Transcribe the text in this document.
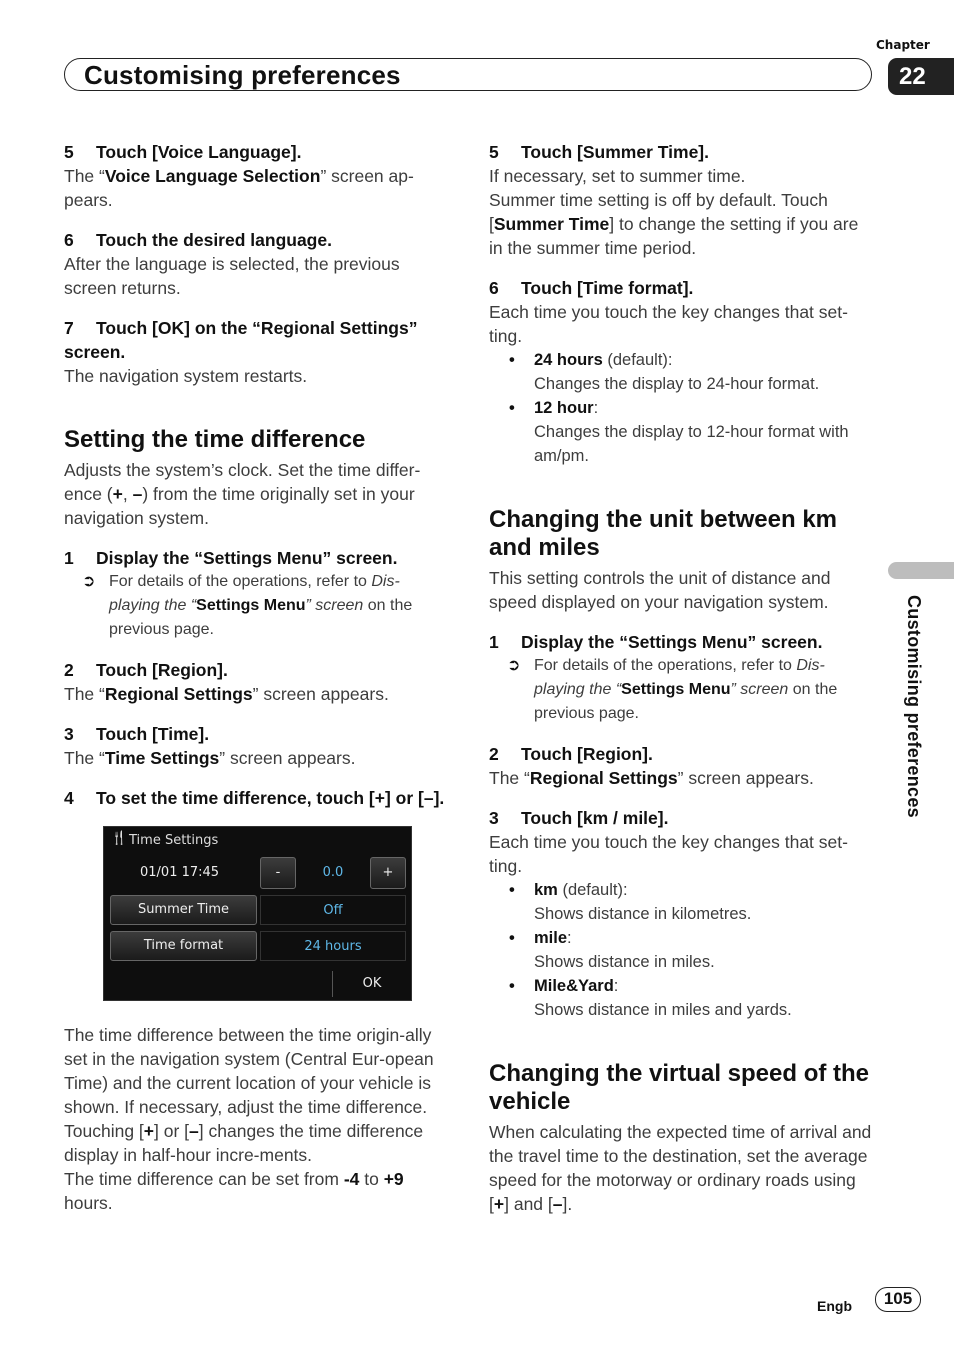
Chapter
Customising preferences	22
Customising preferences
5 Touch [Voice Language].
The “Voice Language Selection” screen ap-pears.
6 Touch the desired language.
After the language is selected, the previous screen returns.
7 Touch [OK] on the “Regional Settings” screen.
The navigation system restarts.
Setting the time difference
Adjusts the system’s clock. Set the time differ-ence (+, –) from the time originally set in your navigation system.
1 Display the “Settings Menu” screen.
➲ For details of the operations, refer to Dis-playing the “Settings Menu” screen on the previous page.
2 Touch [Region].
The “Regional Settings” screen appears.
3 Touch [Time].
The “Time Settings” screen appears.
4 To set the time difference, touch [+] or [–].
🍴 Time Settings
01/01 17:45	-	0.0	+
Summer Time	Off
Time format	24 hours
OK
The time difference between the time origin-ally set in the navigation system (Central Eur-opean Time) and the current location of your vehicle is shown. If necessary, adjust the time difference. Touching [+] or [–] changes the time difference display in half-hour incre-ments.
The time difference can be set from -4 to +9 hours.
5 Touch [Summer Time].
If necessary, set to summer time.
Summer time setting is off by default. Touch [Summer Time] to change the setting if you are in the summer time period.
6 Touch [Time format].
Each time you touch the key changes that set-ting.
• 24 hours (default):
Changes the display to 24-hour format.
• 12 hour:
Changes the display to 12-hour format with am/pm.
Changing the unit between km and miles
This setting controls the unit of distance and speed displayed on your navigation system.
1 Display the “Settings Menu” screen.
➲ For details of the operations, refer to Dis-playing the “Settings Menu” screen on the previous page.
2 Touch [Region].
The “Regional Settings” screen appears.
3 Touch [km / mile].
Each time you touch the key changes that set-ting.
• km (default):
Shows distance in kilometres.
• mile:
Shows distance in miles.
• Mile&Yard:
Shows distance in miles and yards.
Changing the virtual speed of the vehicle
When calculating the expected time of arrival and the travel time to the destination, set the average speed for the motorway or ordinary roads using [+] and [–].
Engb	105
